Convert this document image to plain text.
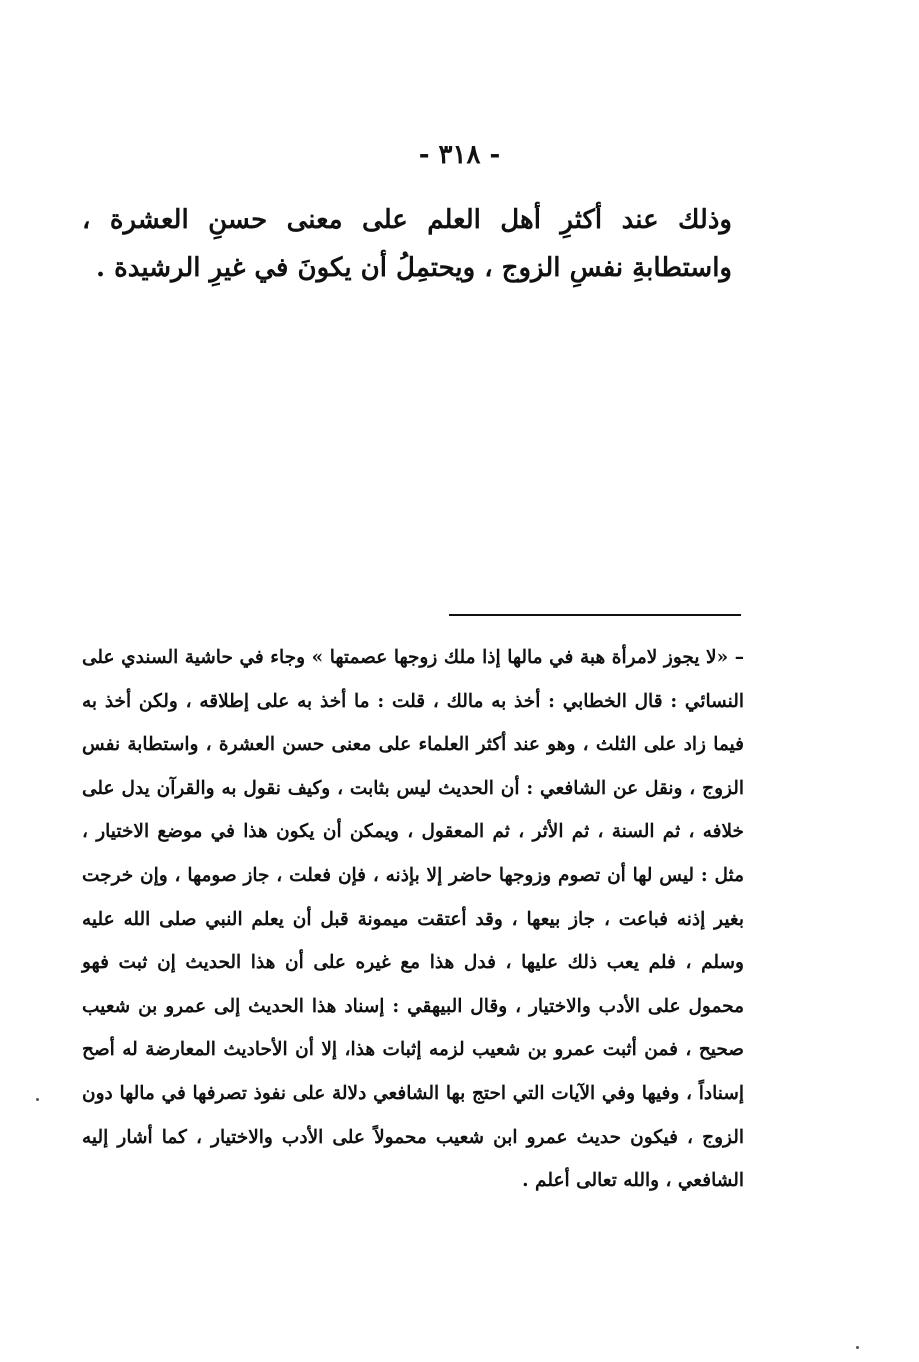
- ٣١٨ -
وذلك عند أكثرِ أهل العلم على معنى حسنِ العشرة ، واستطابةِ نفسِ الزوج ، ويحتمِلُ أن يكونَ في غيرِ الرشيدة .

– «لا يجوز لامرأة هبة في مالها إذا ملك زوجها عصمتها » وجاء في حاشية السندي على النسائي : قال الخطابي : أخذ به مالك ، قلت : ما أخذ به على إطلاقه ، ولكن أخذ به فيما زاد على الثلث ، وهو عند أكثر العلماء على معنى حسن العشرة ، واستطابة نفس الزوج ، ونقل عن الشافعي : أن الحديث ليس بثابت ، وكيف نقول به والقرآن يدل على خلافه ، ثم السنة ، ثم الأثر ، ثم المعقول ، ويمكن أن يكون هذا في موضع الاختيار ، مثل : ليس لها أن تصوم وزوجها حاضر إلا بإذنه ، فإن فعلت ، جاز صومها ، وإن خرجت بغير إذنه فباعت ، جاز بيعها ، وقد أعتقت ميمونة قبل أن يعلم النبي صلى الله عليه وسلم ، فلم يعب ذلك عليها ، فدل هذا مع غيره على أن هذا الحديث إن ثبت فهو محمول على الأدب والاختيار ، وقال البيهقي : إسناد هذا الحديث إلى عمرو بن شعيب صحيح ، فمن أثبت عمرو بن شعيب لزمه إثبات هذا، إلا أن الأحاديث المعارضة له أصح إسناداً ، وفيها وفي الآيات التي احتج بها الشافعي دلالة على نفوذ تصرفها في مالها دون الزوج ، فيكون حديث عمرو ابن شعيب محمولاً على الأدب والاختيار ، كما أشار إليه الشافعي ، والله تعالى أعلم .
